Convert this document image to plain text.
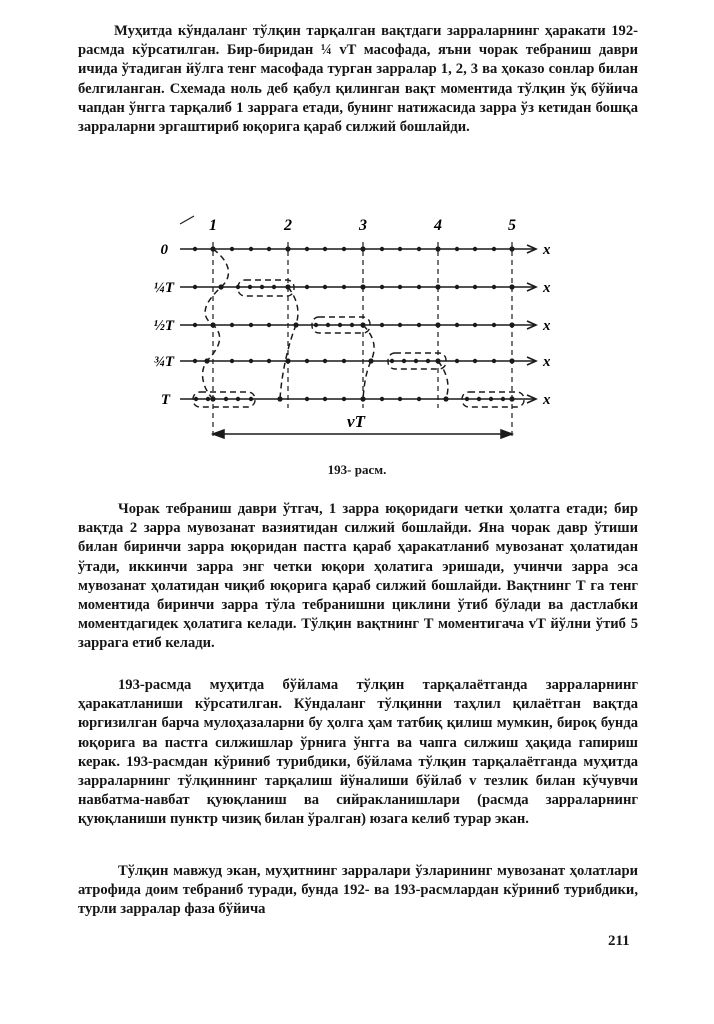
Муҳитда кўндаланг тўлқин тарқалган вақтдаги зарраларнинг ҳаракати 192-расмда кўрсатилган. Бир-биридан ¼ vT масофада, яъни чорак тебраниш даври ичида ўтадиган йўлга тенг масофада турган зарралар 1, 2, 3 ва ҳоказо сонлар билан белгиланган. Схемада ноль деб қабул қилинган вақт моментида тўлқин ўқ бўйича чапдан ўнгга тарқалиб 1 заррага етади, бунинг натижасида зарра ўз кетидан бошқа зарраларни эргаштириб юқорига қараб силжий бошлайди.

1	2	3	4	5
0
¼T
½T
¾T
T
x
x
x
x
x
vT
193- расм.

Чорак тебраниш даври ўтгач, 1 зарра юқоридаги четки ҳолатга етади; бир вақтда 2 зарра мувозанат вазиятидан силжий бошлайди. Яна чорак давр ўтиши билан биринчи зарра юқоридан пастга қараб ҳаракатланиб мувозанат ҳолатидан ўтади, иккинчи зарра энг четки юқори ҳолатига эришади, учинчи зарра эса мувозанат ҳолатидан чиқиб юқорига қараб силжий бошлайди. Вақтнинг T га тенг моментида биринчи зарра тўла тебранишни циклини ўтиб бўлади ва дастлабки моментдагидек ҳолатига келади. Тўлқин вақтнинг T моментигача vT йўлни ўтиб 5 заррага етиб келади.

193-расмда муҳитда бўйлама тўлқин тарқалаётганда зарраларнинг ҳаракатланиши кўрсатилган. Кўндаланг тўлқинни таҳлил қилаётган вақтда юргизилган барча мулоҳазаларни бу ҳолга ҳам татбиқ қилиш мумкин, бироқ бунда юқорига ва пастга силжишлар ўрнига ўнгга ва чапга силжиш ҳақида гапириш керак. 193-расмдан кўриниб турибдики, бўйлама тўлқин тарқалаётганда муҳитда зарраларнинг тўлқиннинг тарқалиш йўналиши бўйлаб v тезлик билан кўчувчи навбатма-навбат қуюқланиш ва сийракланишлари (расмда зарраларнинг қуюқланиши пунктр чизиқ билан ўралган) юзага келиб турар экан.

Тўлқин мавжуд экан, муҳитнинг зарралари ўзларининг мувозанат ҳолатлари атрофида доим тебраниб туради, бунда 192- ва 193-расмлардан кўриниб турибдики, турли зарралар фаза бўйича

211
